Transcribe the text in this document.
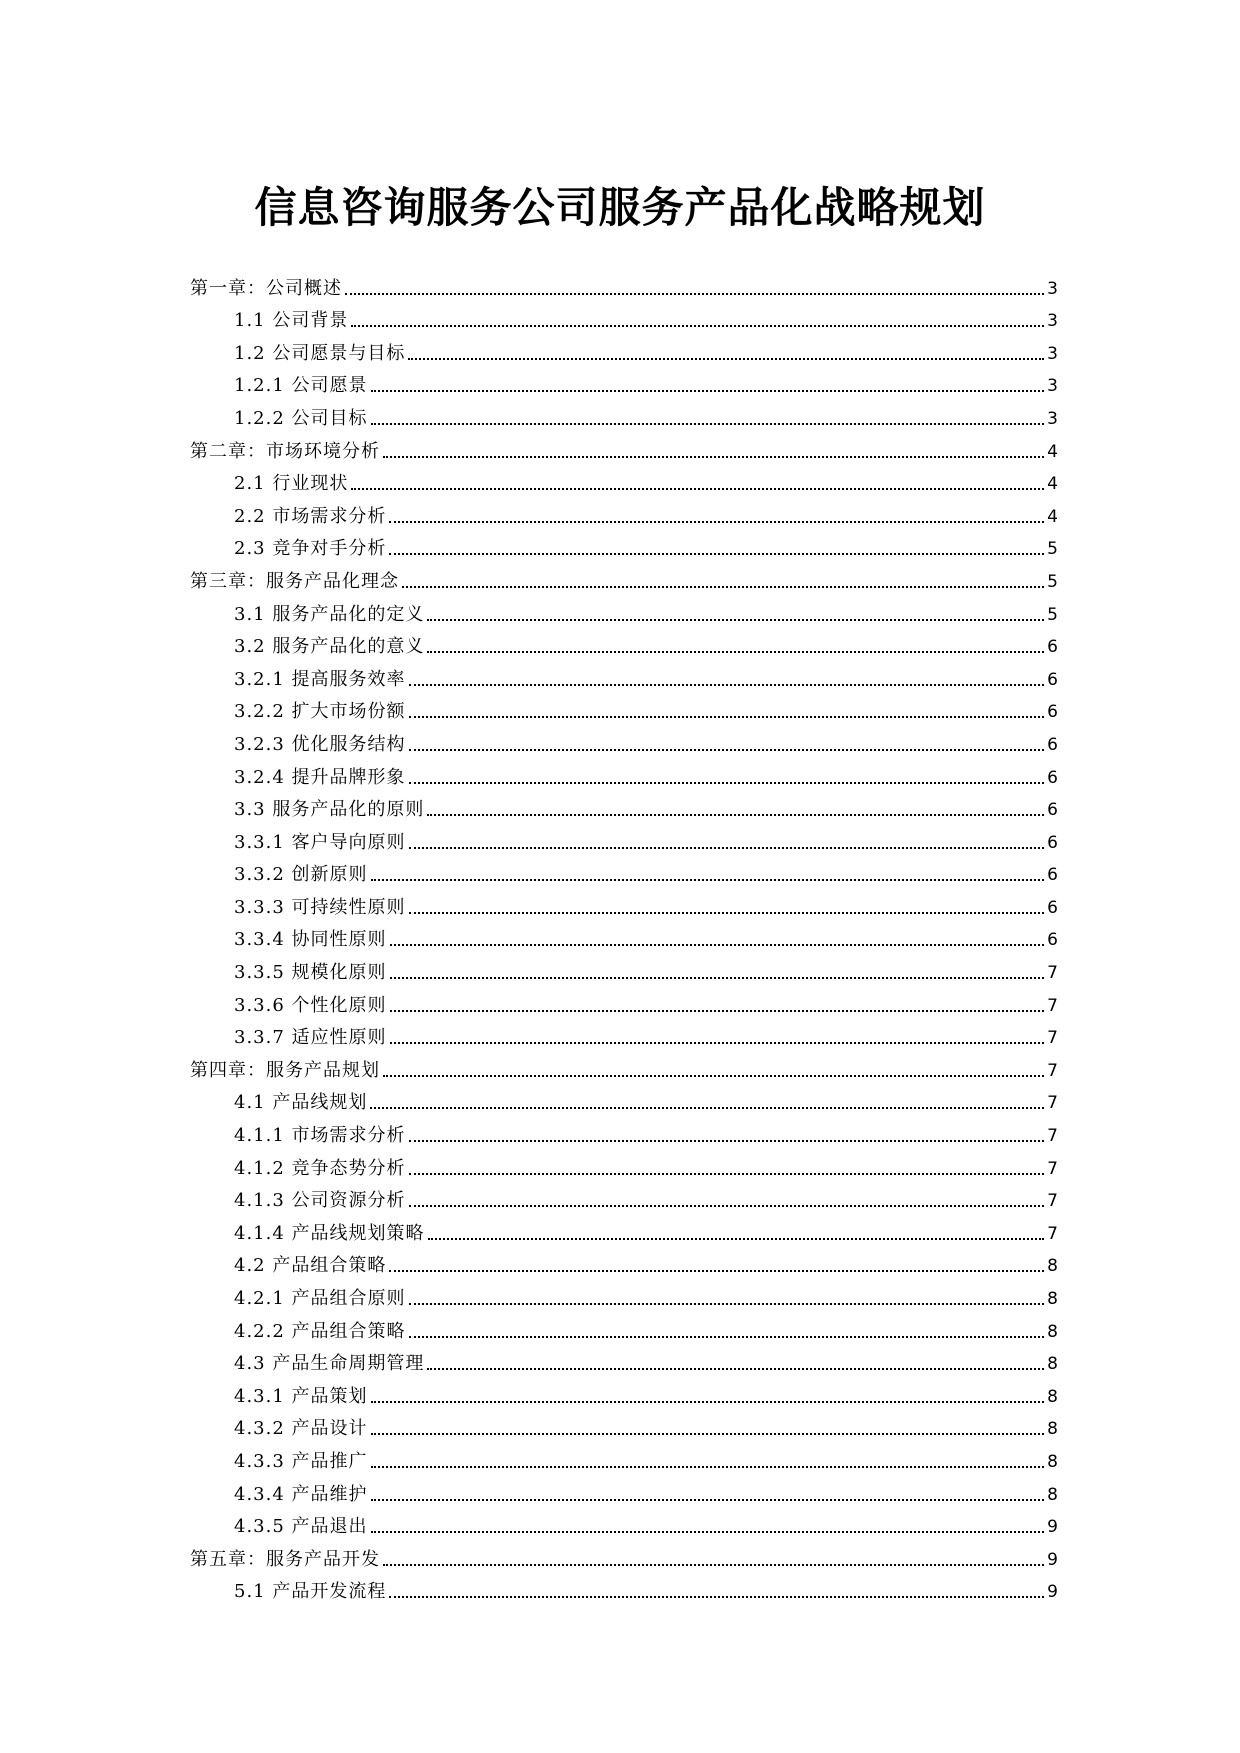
信息咨询服务公司服务产品化战略规划
第一章：公司概述	3
1.1 公司背景	3
1.2 公司愿景与目标	3
1.2.1 公司愿景	3
1.2.2 公司目标	3
第二章：市场环境分析	4
2.1 行业现状	4
2.2 市场需求分析	4
2.3 竞争对手分析	5
第三章：服务产品化理念	5
3.1 服务产品化的定义	5
3.2 服务产品化的意义	6
3.2.1 提高服务效率	6
3.2.2 扩大市场份额	6
3.2.3 优化服务结构	6
3.2.4 提升品牌形象	6
3.3 服务产品化的原则	6
3.3.1 客户导向原则	6
3.3.2 创新原则	6
3.3.3 可持续性原则	6
3.3.4 协同性原则	6
3.3.5 规模化原则	7
3.3.6 个性化原则	7
3.3.7 适应性原则	7
第四章：服务产品规划	7
4.1 产品线规划	7
4.1.1 市场需求分析	7
4.1.2 竞争态势分析	7
4.1.3 公司资源分析	7
4.1.4 产品线规划策略	7
4.2 产品组合策略	8
4.2.1 产品组合原则	8
4.2.2 产品组合策略	8
4.3 产品生命周期管理	8
4.3.1 产品策划	8
4.3.2 产品设计	8
4.3.3 产品推广	8
4.3.4 产品维护	8
4.3.5 产品退出	9
第五章：服务产品开发	9
5.1 产品开发流程	9
